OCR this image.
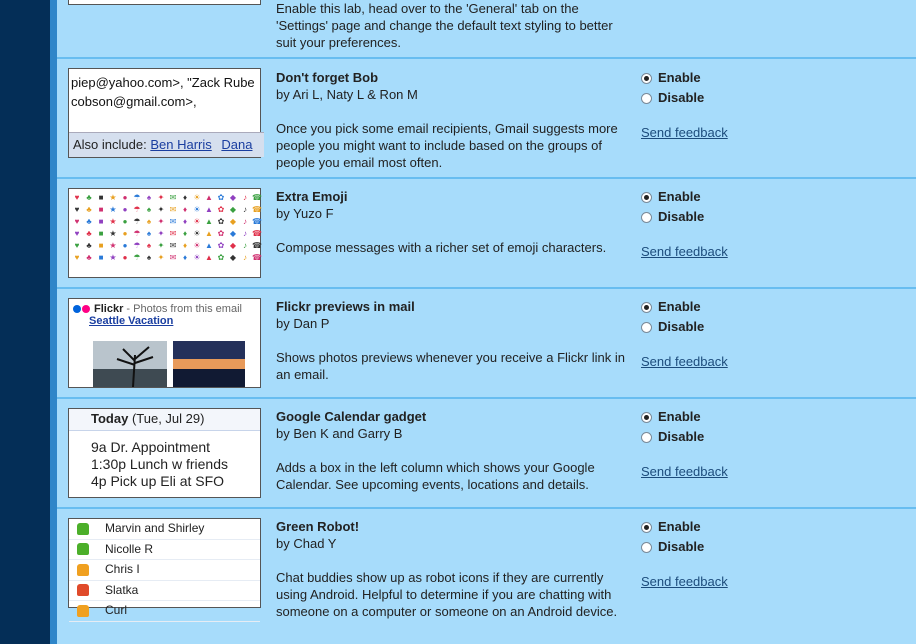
Enable this lab, head over to the 'General' tab on the 'Settings' page and change the default text styling to better suit your preferences.
piep@yahoo.com>, "Zack Rube
cobson@gmail.com>,
Also include: Ben Harris Dana
Don't forget Bob
by Ari L, Naty L & Ron M
Once you pick some email recipients, Gmail suggests more people you might want to include based on the groups of people you email most often.
Enable
Disable
Send feedback
♥ ♣ ■ ★ ● ☂ ♠ ✦ ✉ ♦ ☀ ▲ ✿ ◆ ♪ ☎
♥ ♣ ■ ★ ● ☂ ♠ ✦ ✉ ♦ ☀ ▲ ✿ ◆ ♪ ☎
♥ ♣ ■ ★ ● ☂ ♠ ✦ ✉ ♦ ☀ ▲ ✿ ◆ ♪ ☎
♥ ♣ ■ ★ ● ☂ ♠ ✦ ✉ ♦ ☀ ▲ ✿ ◆ ♪ ☎
♥ ♣ ■ ★ ● ☂ ♠ ✦ ✉ ♦ ☀ ▲ ✿ ◆ ♪ ☎
♥ ♣ ■ ★ ● ☂ ♠ ✦ ✉ ♦ ☀ ▲ ✿ ◆ ♪ ☎
Extra Emoji
by Yuzo F
Compose messages with a richer set of emoji characters.
Enable
Disable
Send feedback
Flickr - Photos from this email
Seattle Vacation
Flickr previews in mail
by Dan P
Shows photos previews whenever you receive a Flickr link in an email.
Enable
Disable
Send feedback
Today (Tue, Jul 29)
9a Dr. Appointment
1:30p Lunch w friends
4p Pick up Eli at SFO
Google Calendar gadget
by Ben K and Garry B
Adds a box in the left column which shows your Google Calendar. See upcoming events, locations and details.
Enable
Disable
Send feedback
Marvin and Shirley
Nicolle R
Chris I
Slatka
Curl
Green Robot!
by Chad Y
Chat buddies show up as robot icons if they are currently using Android. Helpful to determine if you are chatting with someone on a computer or someone on an Android device.
Enable
Disable
Send feedback
